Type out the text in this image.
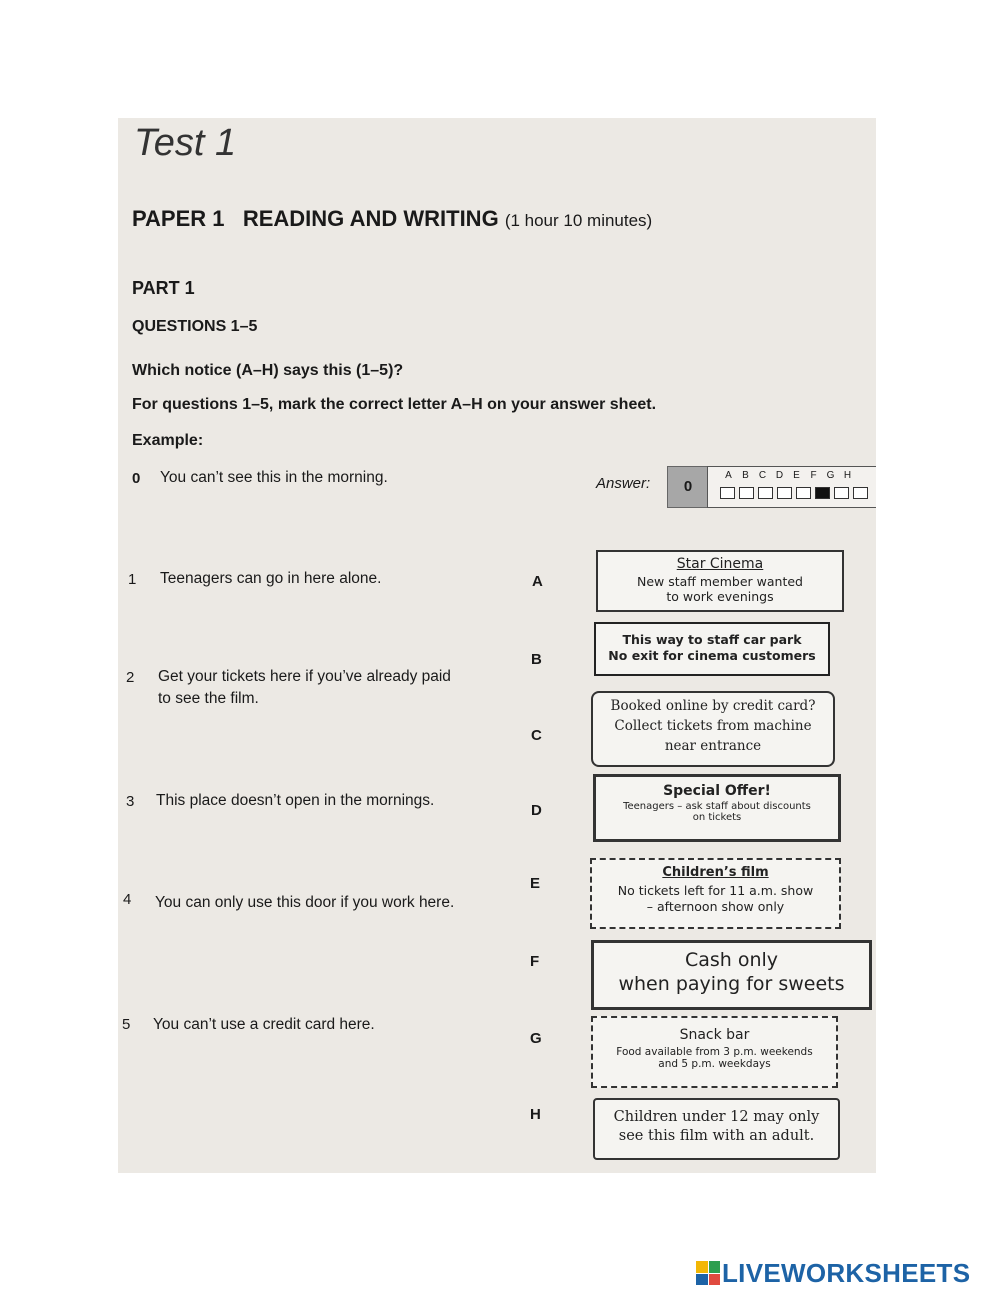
Test 1
PAPER 1   READING AND WRITING (1 hour 10 minutes)
PART 1
QUESTIONS 1–5
Which notice (A–H) says this (1–5)?
For questions 1–5, mark the correct letter A–H on your answer sheet.
Example:
0 You can’t see this in the morning.	Answer:	0
A B C D E F G H
1 Teenagers can go in here alone.
2 Get your tickets here if you’ve already paid to see the film.
3 This place doesn’t open in the mornings.
4 You can only use this door if you work here.
5 You can’t use a credit card here.
A
B
C
D
E
F
G
H
Star Cinema
New staff member wanted
to work evenings
This way to staff car park
No exit for cinema customers
Booked online by credit card?
Collect tickets from machine
near entrance
Special Offer!
Teenagers – ask staff about discounts
on tickets
Children’s film
No tickets left for 11 a.m. show
– afternoon show only
Cash only
when paying for sweets
Snack bar
Food available from 3 p.m. weekends
and 5 p.m. weekdays
Children under 12 may only
see this film with an adult.
LIVEWORKSHEETS
